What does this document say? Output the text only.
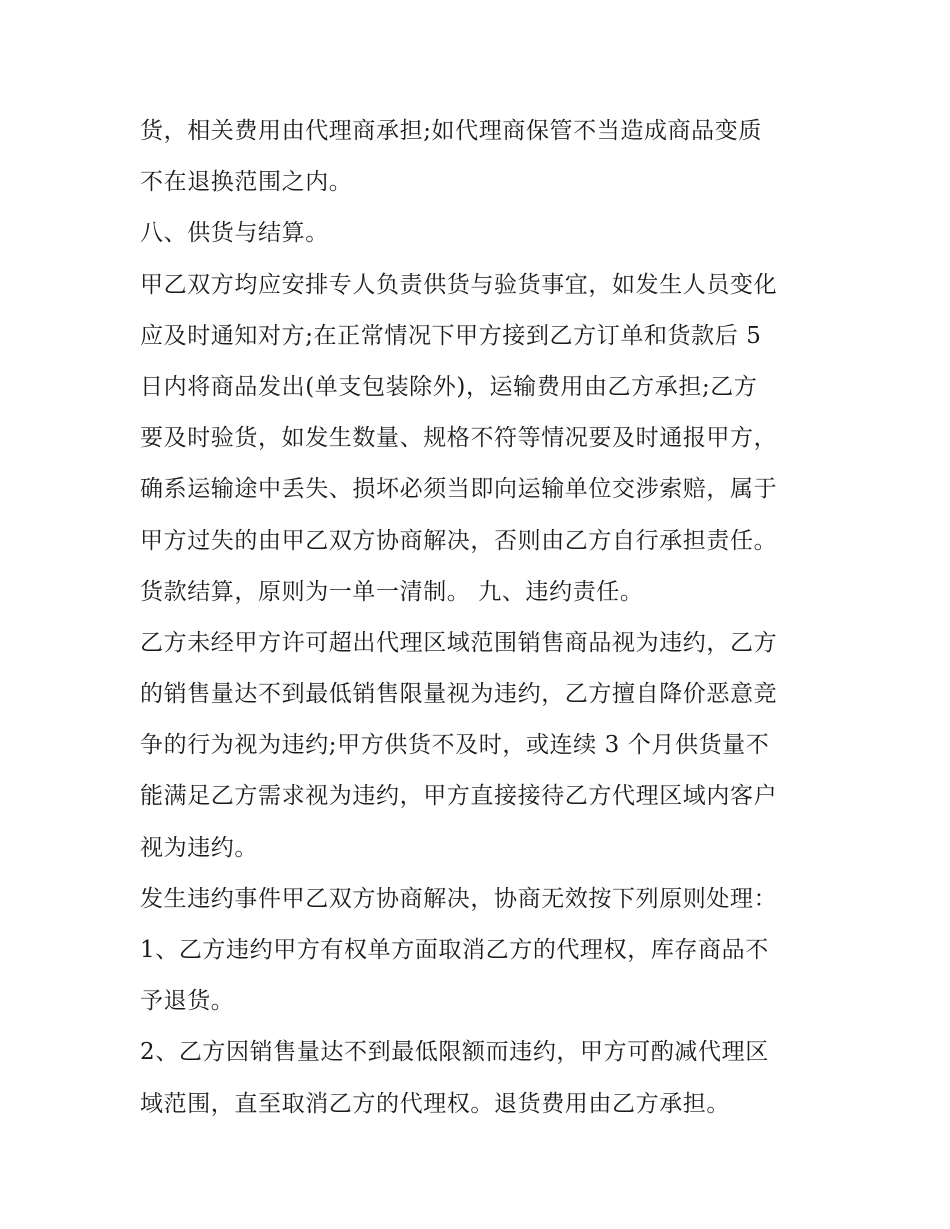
货，相关费用由代理商承担;如代理商保管不当造成商品变质
不在退换范围之内。
八、供货与结算。
甲乙双方均应安排专人负责供货与验货事宜，如发生人员变化
应及时通知对方;在正常情况下甲方接到乙方订单和货款后 5
日内将商品发出(单支包装除外)，运输费用由乙方承担;乙方
要及时验货，如发生数量、规格不符等情况要及时通报甲方，
确系运输途中丢失、损坏必须当即向运输单位交涉索赔，属于
甲方过失的由甲乙双方协商解决，否则由乙方自行承担责任。
货款结算，原则为一单一清制。 九、违约责任。
乙方未经甲方许可超出代理区域范围销售商品视为违约，乙方
的销售量达不到最低销售限量视为违约，乙方擅自降价恶意竞
争的行为视为违约;甲方供货不及时，或连续 3 个月供货量不
能满足乙方需求视为违约，甲方直接接待乙方代理区域内客户
视为违约。
发生违约事件甲乙双方协商解决，协商无效按下列原则处理：
1、乙方违约甲方有权单方面取消乙方的代理权，库存商品不
予退货。
2、乙方因销售量达不到最低限额而违约，甲方可酌减代理区
域范围，直至取消乙方的代理权。退货费用由乙方承担。
